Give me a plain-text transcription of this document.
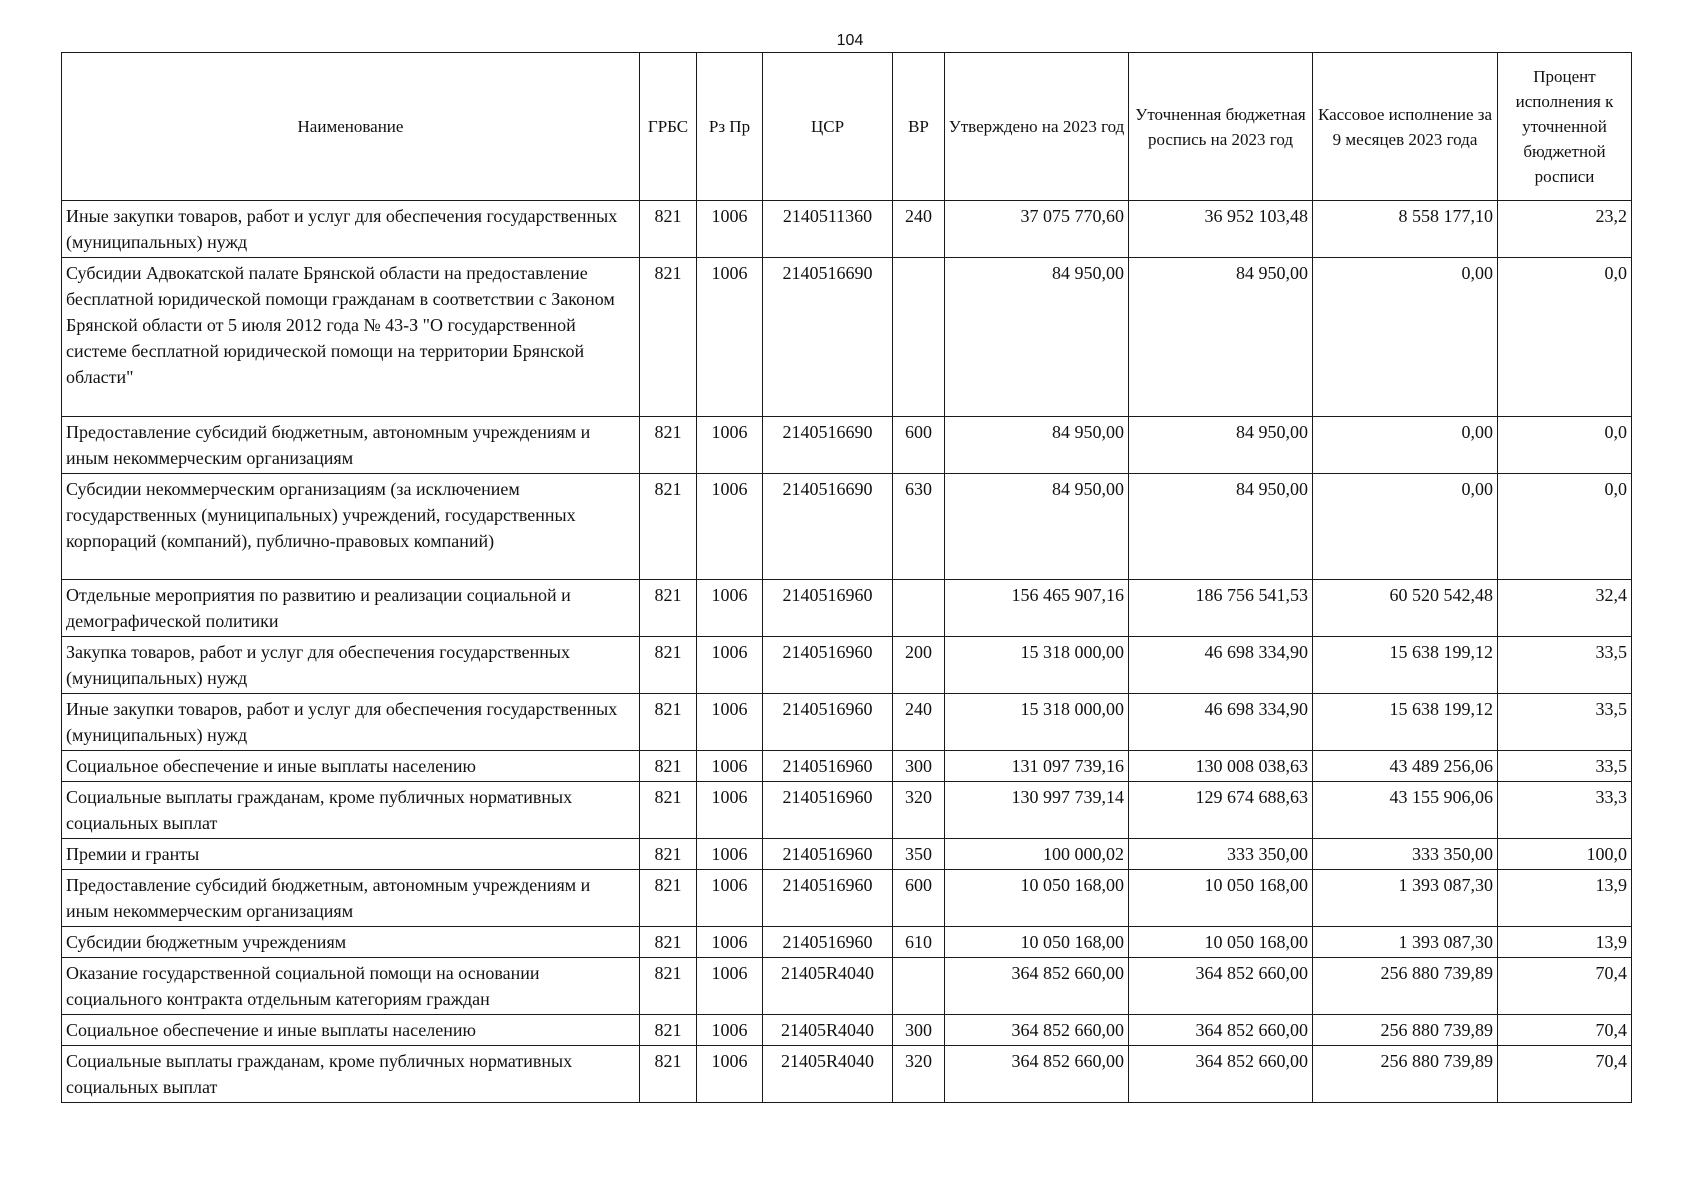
104
Наименование	ГРБС	Рз Пр	ЦСР	ВР	Утверждено на 2023 год	Уточненная бюджетная роспись на 2023 год	Кассовое исполнение за 9 месяцев 2023 года	Процент исполнения к уточненной бюджетной росписи
Иные закупки товаров, работ и услуг для обеспечения государственных (муниципальных) нужд	821	1006	2140511360	240	37 075 770,60	36 952 103,48	8 558 177,10	23,2
Субсидии Адвокатской палате Брянской области на предоставление бесплатной юридической помощи гражданам в соответствии с Законом Брянской области от 5 июля 2012 года № 43-З "О государственной системе бесплатной юридической помощи на территории Брянской области"	821	1006	2140516690		84 950,00	84 950,00	0,00	0,0
Предоставление субсидий бюджетным, автономным учреждениям и иным некоммерческим организациям	821	1006	2140516690	600	84 950,00	84 950,00	0,00	0,0
Субсидии некоммерческим организациям (за исключением государственных (муниципальных) учреждений, государственных корпораций (компаний), публично-правовых компаний)	821	1006	2140516690	630	84 950,00	84 950,00	0,00	0,0
Отдельные мероприятия по развитию и реализации социальной и демографической политики	821	1006	2140516960		156 465 907,16	186 756 541,53	60 520 542,48	32,4
Закупка товаров, работ и услуг для обеспечения государственных (муниципальных) нужд	821	1006	2140516960	200	15 318 000,00	46 698 334,90	15 638 199,12	33,5
Иные закупки товаров, работ и услуг для обеспечения государственных (муниципальных) нужд	821	1006	2140516960	240	15 318 000,00	46 698 334,90	15 638 199,12	33,5
Социальное обеспечение и иные выплаты населению	821	1006	2140516960	300	131 097 739,16	130 008 038,63	43 489 256,06	33,5
Социальные выплаты гражданам, кроме публичных нормативных социальных выплат	821	1006	2140516960	320	130 997 739,14	129 674 688,63	43 155 906,06	33,3
Премии и гранты	821	1006	2140516960	350	100 000,02	333 350,00	333 350,00	100,0
Предоставление субсидий бюджетным, автономным учреждениям и иным некоммерческим организациям	821	1006	2140516960	600	10 050 168,00	10 050 168,00	1 393 087,30	13,9
Субсидии бюджетным учреждениям	821	1006	2140516960	610	10 050 168,00	10 050 168,00	1 393 087,30	13,9
Оказание государственной социальной помощи на основании социального контракта отдельным категориям граждан	821	1006	21405R4040		364 852 660,00	364 852 660,00	256 880 739,89	70,4
Социальное обеспечение и иные выплаты населению	821	1006	21405R4040	300	364 852 660,00	364 852 660,00	256 880 739,89	70,4
Социальные выплаты гражданам, кроме публичных нормативных социальных выплат	821	1006	21405R4040	320	364 852 660,00	364 852 660,00	256 880 739,89	70,4
